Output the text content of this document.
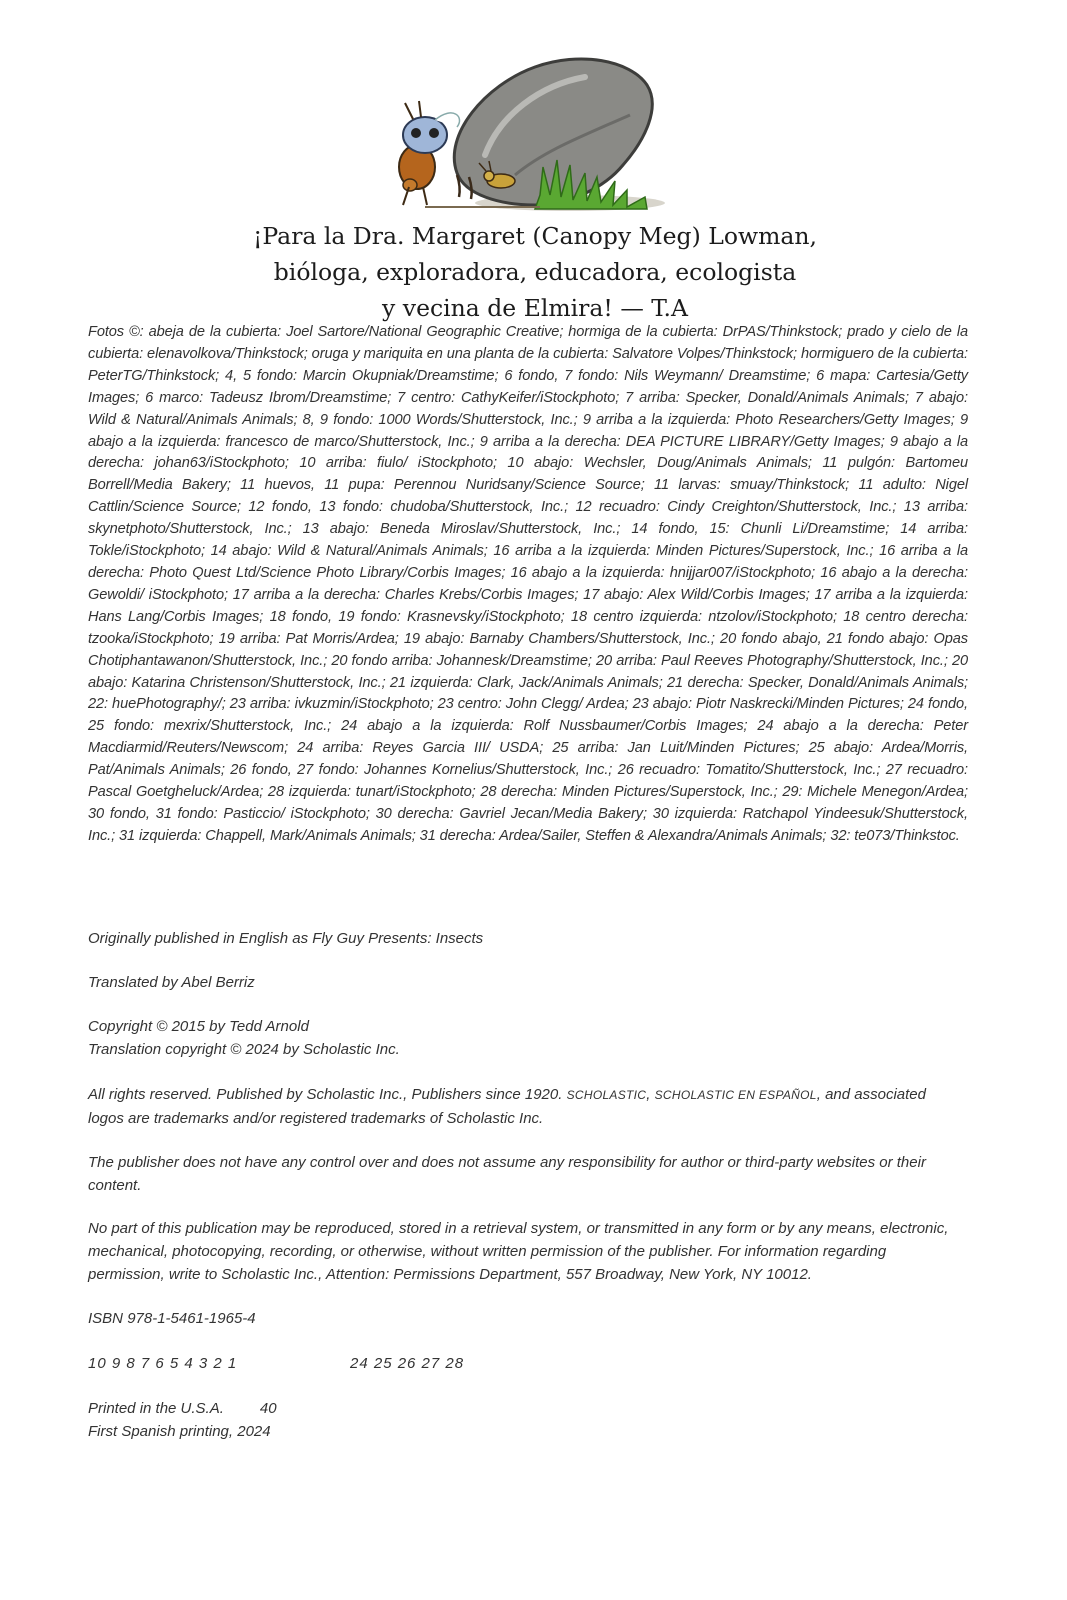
¡Para la Dra. Margaret (Canopy Meg) Lowman,
bióloga, exploradora, educadora, ecologista
y vecina de Elmira! — T.A
Fotos ©: abeja de la cubierta: Joel Sartore/National Geographic Creative; hormiga de la cubierta: DrPAS/Thinkstock; prado y cielo de la cubierta: elenavolkova/Thinkstock; oruga y mariquita en una planta de la cubierta: Salvatore Volpes/Thinkstock; hormiguero de la cubierta: PeterTG/Thinkstock; 4, 5 fondo: Marcin Okupniak/Dreamstime; 6 fondo, 7 fondo: Nils Weymann/ Dreamstime; 6 mapa: Cartesia/Getty Images; 6 marco: Tadeusz Ibrom/Dreamstime; 7 centro: CathyKeifer/iStockphoto; 7 arriba: Specker, Donald/Animals Animals; 7 abajo: Wild & Natural/Animals Animals; 8, 9 fondo: 1000 Words/Shutterstock, Inc.; 9 arriba a la izquierda: Photo Researchers/Getty Images; 9 abajo a la izquierda: francesco de marco/Shutterstock, Inc.; 9 arriba a la derecha: DEA PICTURE LIBRARY/Getty Images; 9 abajo a la derecha: johan63/iStockphoto; 10 arriba: fiulo/ iStockphoto; 10 abajo: Wechsler, Doug/Animals Animals; 11 pulgón: Bartomeu Borrell/Media Bakery; 11 huevos, 11 pupa: Perennou Nuridsany/Science Source; 11 larvas: smuay/Thinkstock; 11 adulto: Nigel Cattlin/Science Source; 12 fondo, 13 fondo: chudoba/Shutterstock, Inc.; 12 recuadro: Cindy Creighton/Shutterstock, Inc.; 13 arriba: skynetphoto/Shutterstock, Inc.; 13 abajo: Beneda Miroslav/Shutterstock, Inc.; 14 fondo, 15: Chunli Li/Dreamstime; 14 arriba: Tokle/iStockphoto; 14 abajo: Wild & Natural/Animals Animals; 16 arriba a la izquierda: Minden Pictures/Superstock, Inc.; 16 arriba a la derecha: Photo Quest Ltd/Science Photo Library/Corbis Images; 16 abajo a la izquierda: hnijjar007/iStockphoto; 16 abajo a la derecha: Gewoldi/ iStockphoto; 17 arriba a la derecha: Charles Krebs/Corbis Images; 17 abajo: Alex Wild/Corbis Images; 17 arriba a la izquierda: Hans Lang/Corbis Images; 18 fondo, 19 fondo: Krasnevsky/iStockphoto; 18 centro izquierda: ntzolov/iStockphoto; 18 centro derecha: tzooka/iStockphoto; 19 arriba: Pat Morris/Ardea; 19 abajo: Barnaby Chambers/Shutterstock, Inc.; 20 fondo abajo, 21 fondo abajo: Opas Chotiphantawanon/Shutterstock, Inc.; 20 fondo arriba: Johannesk/Dreamstime; 20 arriba: Paul Reeves Photography/Shutterstock, Inc.; 20 abajo: Katarina Christenson/Shutterstock, Inc.; 21 izquierda: Clark, Jack/Animals Animals; 21 derecha: Specker, Donald/Animals Animals; 22: huePhotography/; 23 arriba: ivkuzmin/iStockphoto; 23 centro: John Clegg/ Ardea; 23 abajo: Piotr Naskrecki/Minden Pictures; 24 fondo, 25 fondo: mexrix/Shutterstock, Inc.; 24 abajo a la izquierda: Rolf Nussbaumer/Corbis Images; 24 abajo a la derecha: Peter Macdiarmid/Reuters/Newscom; 24 arriba: Reyes Garcia III/ USDA; 25 arriba: Jan Luit/Minden Pictures; 25 abajo: Ardea/Morris, Pat/Animals Animals; 26 fondo, 27 fondo: Johannes Kornelius/Shutterstock, Inc.; 26 recuadro: Tomatito/Shutterstock, Inc.; 27 recuadro: Pascal Goetgheluck/Ardea; 28 izquierda: tunart/iStockphoto; 28 derecha: Minden Pictures/Superstock, Inc.; 29: Michele Menegon/Ardea; 30 fondo, 31 fondo: Pasticcio/ iStockphoto; 30 derecha: Gavriel Jecan/Media Bakery; 30 izquierda: Ratchapol Yindeesuk/Shutterstock, Inc.; 31 izquierda: Chappell, Mark/Animals Animals; 31 derecha: Ardea/Sailer, Steffen & Alexandra/Animals Animals; 32: te073/Thinkstoc.
Originally published in English as Fly Guy Presents: Insects
Translated by Abel Berriz
Copyright © 2015 by Tedd Arnold
Translation copyright © 2024 by Scholastic Inc.
All rights reserved. Published by Scholastic Inc., Publishers since 1920. SCHOLASTIC, SCHOLASTIC EN ESPAÑOL, and associated logos are trademarks and/or registered trademarks of Scholastic Inc.
The publisher does not have any control over and does not assume any responsibility for author or third-party websites or their content.
No part of this publication may be reproduced, stored in a retrieval system, or transmitted in any form or by any means, electronic, mechanical, photocopying, recording, or otherwise, without written permission of the publisher. For information regarding permission, write to Scholastic Inc., Attention: Permissions Department, 557 Broadway, New York, NY 10012.
ISBN 978-1-5461-1965-4
10 9 8 7 6 5 4 3 2 1	24 25 26 27 28
Printed in the U.S.A. 40
First Spanish printing, 2024
